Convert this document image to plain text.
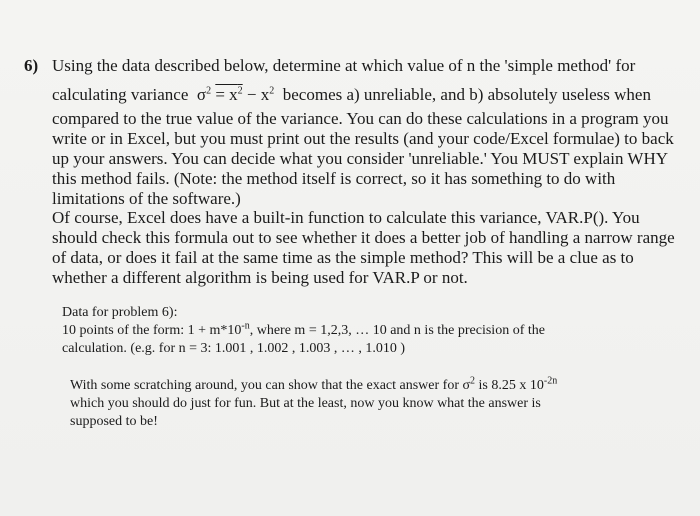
6) Using the data described below, determine at which value of n the 'simple method' for
calculating variance $\sigma^2 = x^2 - x^2$ becomes a) unreliable, and b) absolutely useless when
compared to the true value of the variance. You can do these calculations in a program you
write or in Excel, but you must print out the results (and your code/Excel formulae) to back
up your answers. You can decide what you consider 'unreliable.' You MUST explain WHY
this method fails. (Note: the method itself is correct, so it has something to do with
limitations of the software.)
Of course, Excel does have a built-in function to calculate this variance, VAR.P(). You
should check this formula out to see whether it does a better job of handling a narrow range
of data, or does it fail at the same time as the simple method? This will be a clue as to
whether a different algorithm is being used for VAR.P or not.
Data for problem 6):
10 points of the form: $1 + m*10^{-n}$, where m = 1,2,3, … 10 and n is the precision of the
calculation. (e.g. for n = 3: 1.001 , 1.002 , 1.003 , … , 1.010 )
With some scratching around, you can show that the exact answer for $\sigma^2$ is 8.25 x $10^{-2n}$
which you should do just for fun. But at the least, now you know what the answer is
supposed to be!
